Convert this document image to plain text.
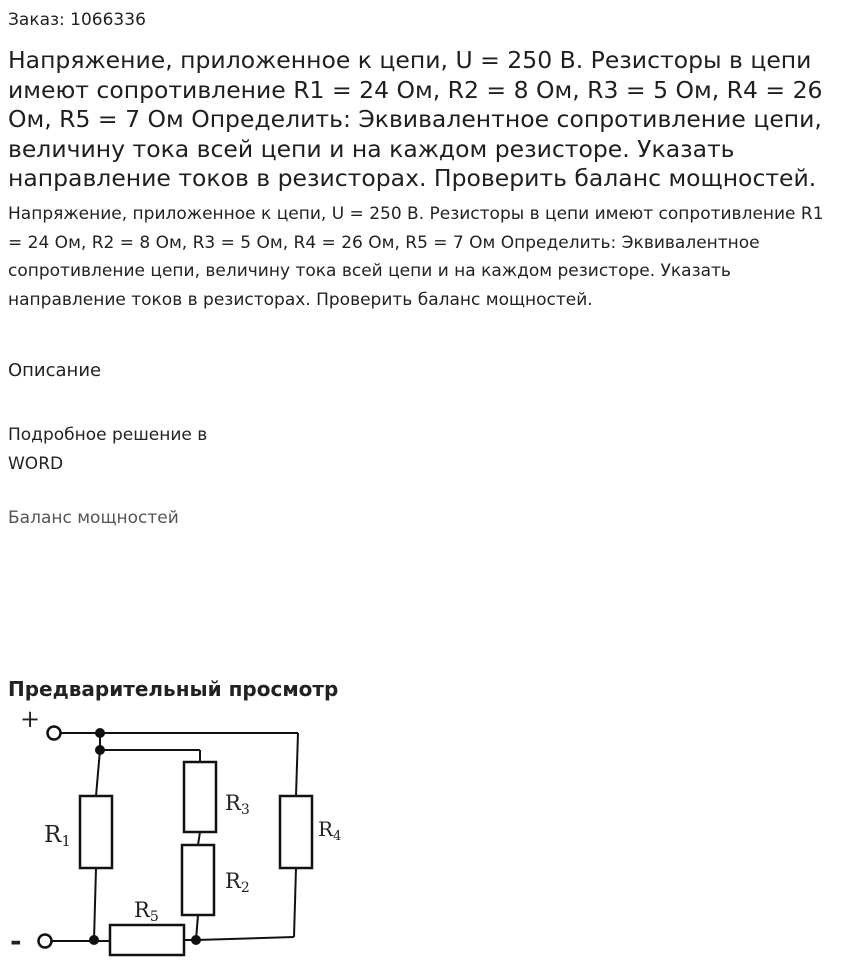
Заказ: 1066336
Напряжение, приложенное к цепи, U = 250 В. Резисторы в цепи имеют сопротивление R1 = 24 Ом, R2 = 8 Ом, R3 = 5 Ом, R4 = 26 Ом, R5 = 7 Ом Определить: Эквивалентное сопротивление цепи, величину тока всей цепи и на каждом резисторе. Указать направление токов в резисторах. Проверить баланс мощностей.

Напряжение, приложенное к цепи, U = 250 В. Резисторы в цепи имеют сопротивление R1 = 24 Ом, R2 = 8 Ом, R3 = 5 Ом, R4 = 26 Ом, R5 = 7 Ом Определить: Эквивалентное сопротивление цепи, величину тока всей цепи и на каждом резисторе. Указать направление токов в резисторах. Проверить баланс мощностей.

Описание
Подробное решение в WORD
Баланс мощностей
Предварительный просмотр
+
-
R1
R3
R2
$R_4$
R5
